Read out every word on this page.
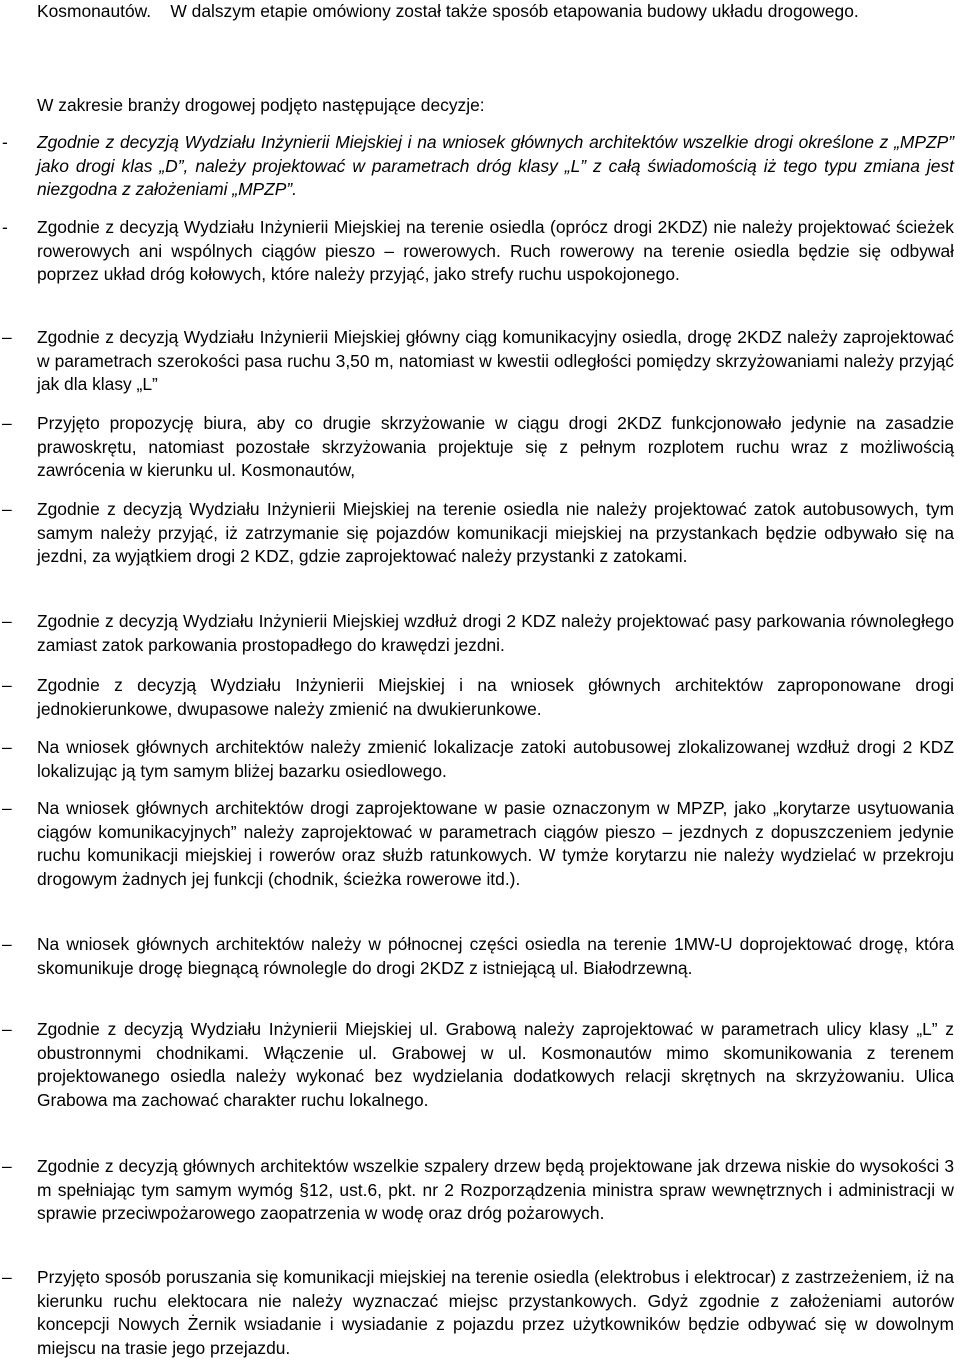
Kosmonautów. W dalszym etapie omówiony został także sposób etapowania budowy układu drogowego.
W zakresie branży drogowej podjęto następujące decyzje:
-	Zgodnie z decyzją Wydziału Inżynierii Miejskiej i na wniosek głównych architektów wszelkie drogi określone z „MPZP” jako drogi klas „D”, należy projektować w parametrach dróg klasy „L” z całą świadomością iż tego typu zmiana jest niezgodna z założeniami „MPZP”.
-	Zgodnie z decyzją Wydziału Inżynierii Miejskiej na terenie osiedla (oprócz drogi 2KDZ) nie należy projektować ścieżek rowerowych ani wspólnych ciągów pieszo – rowerowych. Ruch rowerowy na terenie osiedla będzie się odbywał poprzez układ dróg kołowych, które należy przyjąć, jako strefy ruchu uspokojonego.
–	Zgodnie z decyzją Wydziału Inżynierii Miejskiej główny ciąg komunikacyjny osiedla, drogę 2KDZ należy zaprojektować w parametrach szerokości pasa ruchu 3,50 m, natomiast w kwestii odległości pomiędzy skrzyżowaniami należy przyjąć jak dla klasy „L”
–	Przyjęto propozycję biura, aby co drugie skrzyżowanie w ciągu drogi 2KDZ funkcjonowało jedynie na zasadzie prawoskrętu, natomiast pozostałe skrzyżowania projektuje się z pełnym rozplotem ruchu wraz z możliwością zawrócenia w kierunku ul. Kosmonautów,
–	Zgodnie z decyzją Wydziału Inżynierii Miejskiej na terenie osiedla nie należy projektować zatok autobusowych, tym samym należy przyjąć, iż zatrzymanie się pojazdów komunikacji miejskiej na przystankach będzie odbywało się na jezdni, za wyjątkiem drogi 2 KDZ, gdzie zaprojektować należy przystanki z zatokami.
–	Zgodnie z decyzją Wydziału Inżynierii Miejskiej wzdłuż drogi 2 KDZ należy projektować pasy parkowania równoległego zamiast zatok parkowania prostopadłego do krawędzi jezdni.
–	Zgodnie z decyzją Wydziału Inżynierii Miejskiej i na wniosek głównych architektów zaproponowane drogi jednokierunkowe, dwupasowe należy zmienić na dwukierunkowe.
–	Na wniosek głównych architektów należy zmienić lokalizacje zatoki autobusowej zlokalizowanej wzdłuż drogi 2 KDZ lokalizując ją tym samym bliżej bazarku osiedlowego.
–	Na wniosek głównych architektów drogi zaprojektowane w pasie oznaczonym w MPZP, jako „korytarze usytuowania ciągów komunikacyjnych” należy zaprojektować w parametrach ciągów pieszo – jezdnych z dopuszczeniem jedynie ruchu komunikacji miejskiej i rowerów oraz służb ratunkowych. W tymże korytarzu nie należy wydzielać w przekroju drogowym żadnych jej funkcji (chodnik, ścieżka rowerowe itd.).
–	Na wniosek głównych architektów należy w północnej części osiedla na terenie 1MW-U doprojektować drogę, która skomunikuje drogę biegnącą równolegle do drogi 2KDZ z istniejącą ul. Białodrzewną.
–	Zgodnie z decyzją Wydziału Inżynierii Miejskiej ul. Grabową należy zaprojektować w parametrach ulicy klasy „L” z obustronnymi chodnikami. Włączenie ul. Grabowej w ul. Kosmonautów mimo skomunikowania z terenem projektowanego osiedla należy wykonać bez wydzielania dodatkowych relacji skrętnych na skrzyżowaniu. Ulica Grabowa ma zachować charakter ruchu lokalnego.
–	Zgodnie z decyzją głównych architektów wszelkie szpalery drzew będą projektowane jak drzewa niskie do wysokości 3 m spełniając tym samym wymóg §12, ust.6, pkt. nr 2 Rozporządzenia ministra spraw wewnętrznych i administracji w sprawie przeciwpożarowego zaopatrzenia w wodę oraz dróg pożarowych.
–	Przyjęto sposób poruszania się komunikacji miejskiej na terenie osiedla (elektrobus i elektrocar) z zastrzeżeniem, iż na kierunku ruchu elektocara nie należy wyznaczać miejsc przystankowych. Gdyż zgodnie z założeniami autorów koncepcji Nowych Żernik wsiadanie i wysiadanie z pojazdu przez użytkowników będzie odbywać się w dowolnym miejscu na trasie jego przejazdu.
